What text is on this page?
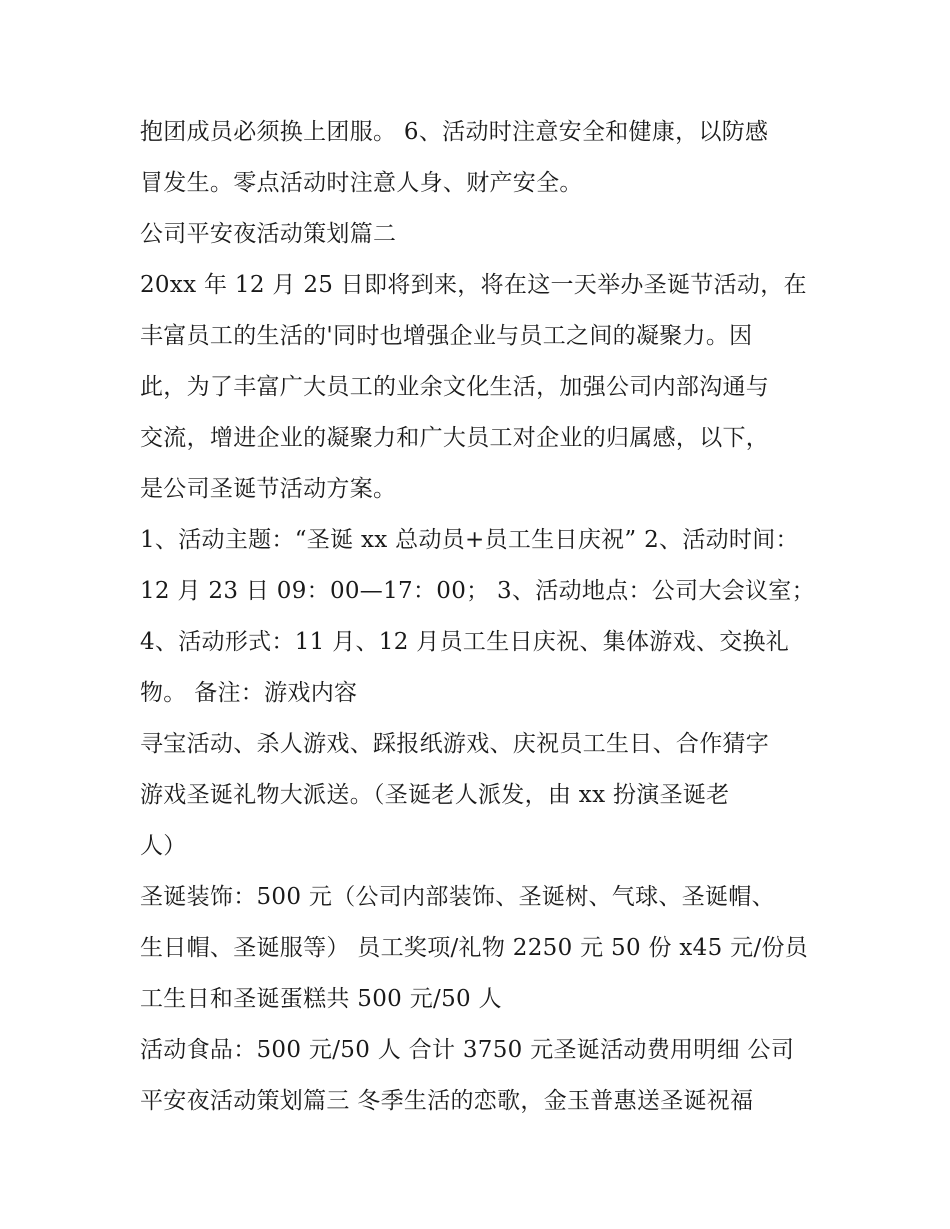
抱团成员必须换上团服。 6、活动时注意安全和健康，以防感
冒发生。零点活动时注意人身、财产安全。
公司平安夜活动策划篇二
20xx 年 12 月 25 日即将到来，将在这一天举办圣诞节活动，在
丰富员工的生活的'同时也增强企业与员工之间的凝聚力。因
此，为了丰富广大员工的业余文化生活，加强公司内部沟通与
交流，增进企业的凝聚力和广大员工对企业的归属感，以下，
是公司圣诞节活动方案。
1、活动主题：“圣诞 xx 总动员+员工生日庆祝” 2、活动时间：
12 月 23 日 09：00—17：00； 3、活动地点：公司大会议室；
4、活动形式：11 月、12 月员工生日庆祝、集体游戏、交换礼
物。 备注：游戏内容
寻宝活动、杀人游戏、踩报纸游戏、庆祝员工生日、合作猜字
游戏圣诞礼物大派送。（圣诞老人派发，由 xx 扮演圣诞老
人）
圣诞装饰：500 元（公司内部装饰、圣诞树、气球、圣诞帽、
生日帽、圣诞服等） 员工奖项/礼物 2250 元 50 份 x45 元/份员
工生日和圣诞蛋糕共 500 元/50 人
活动食品：500 元/50 人 合计 3750 元圣诞活动费用明细 公司
平安夜活动策划篇三 冬季生活的恋歌，金玉普惠送圣诞祝福
